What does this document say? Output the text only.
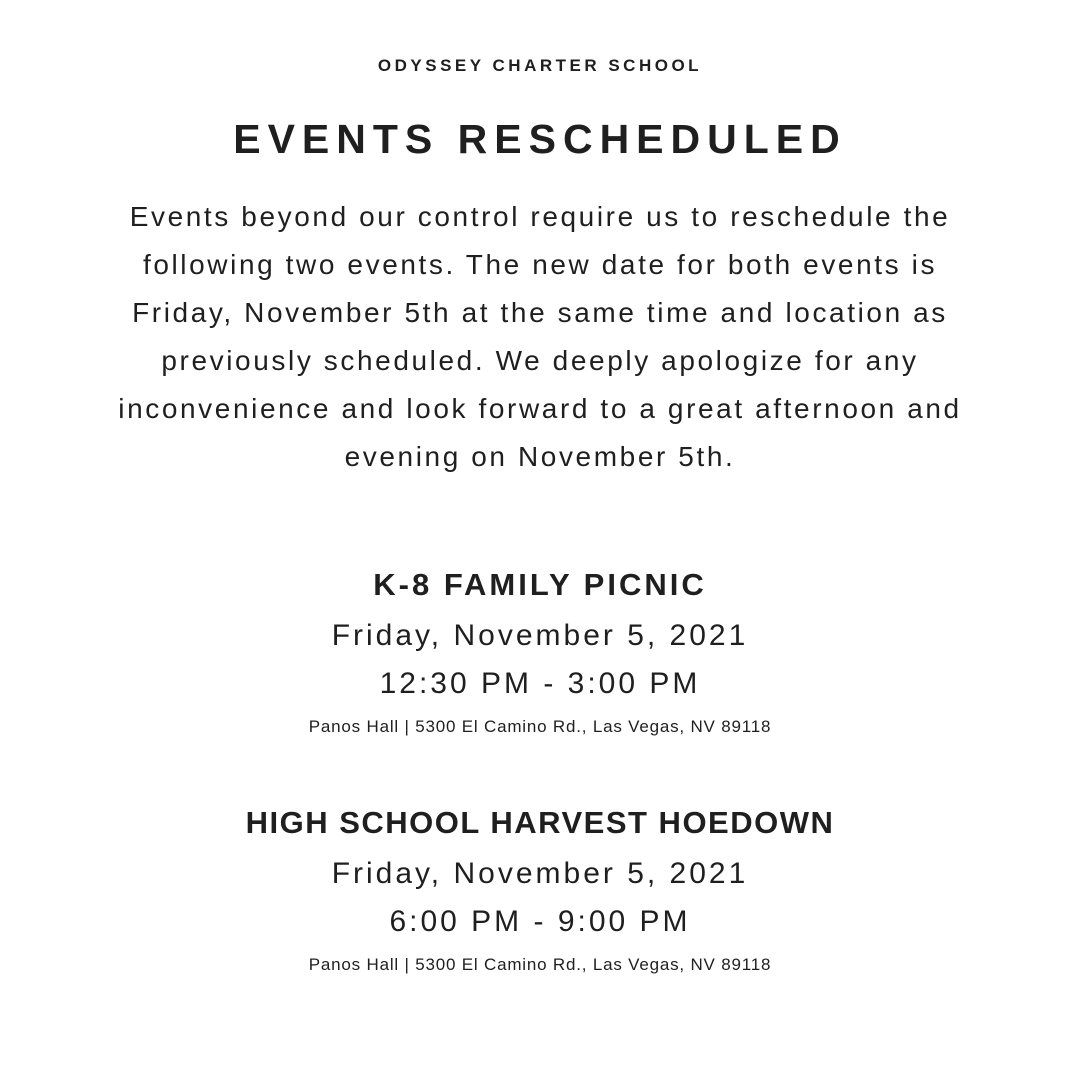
ODYSSEY CHARTER SCHOOL
EVENTS RESCHEDULED

Events beyond our control require us to reschedule the following two events. The new date for both events is Friday, November 5th at the same time and location as previously scheduled. We deeply apologize for any inconvenience and look forward to a great afternoon and evening on November 5th.

K-8 FAMILY PICNIC
Friday, November 5, 2021
12:30 PM - 3:00 PM
Panos Hall | 5300 El Camino Rd., Las Vegas, NV 89118
HIGH SCHOOL HARVEST HOEDOWN
Friday, November 5, 2021
6:00 PM - 9:00 PM
Panos Hall | 5300 El Camino Rd., Las Vegas, NV 89118
